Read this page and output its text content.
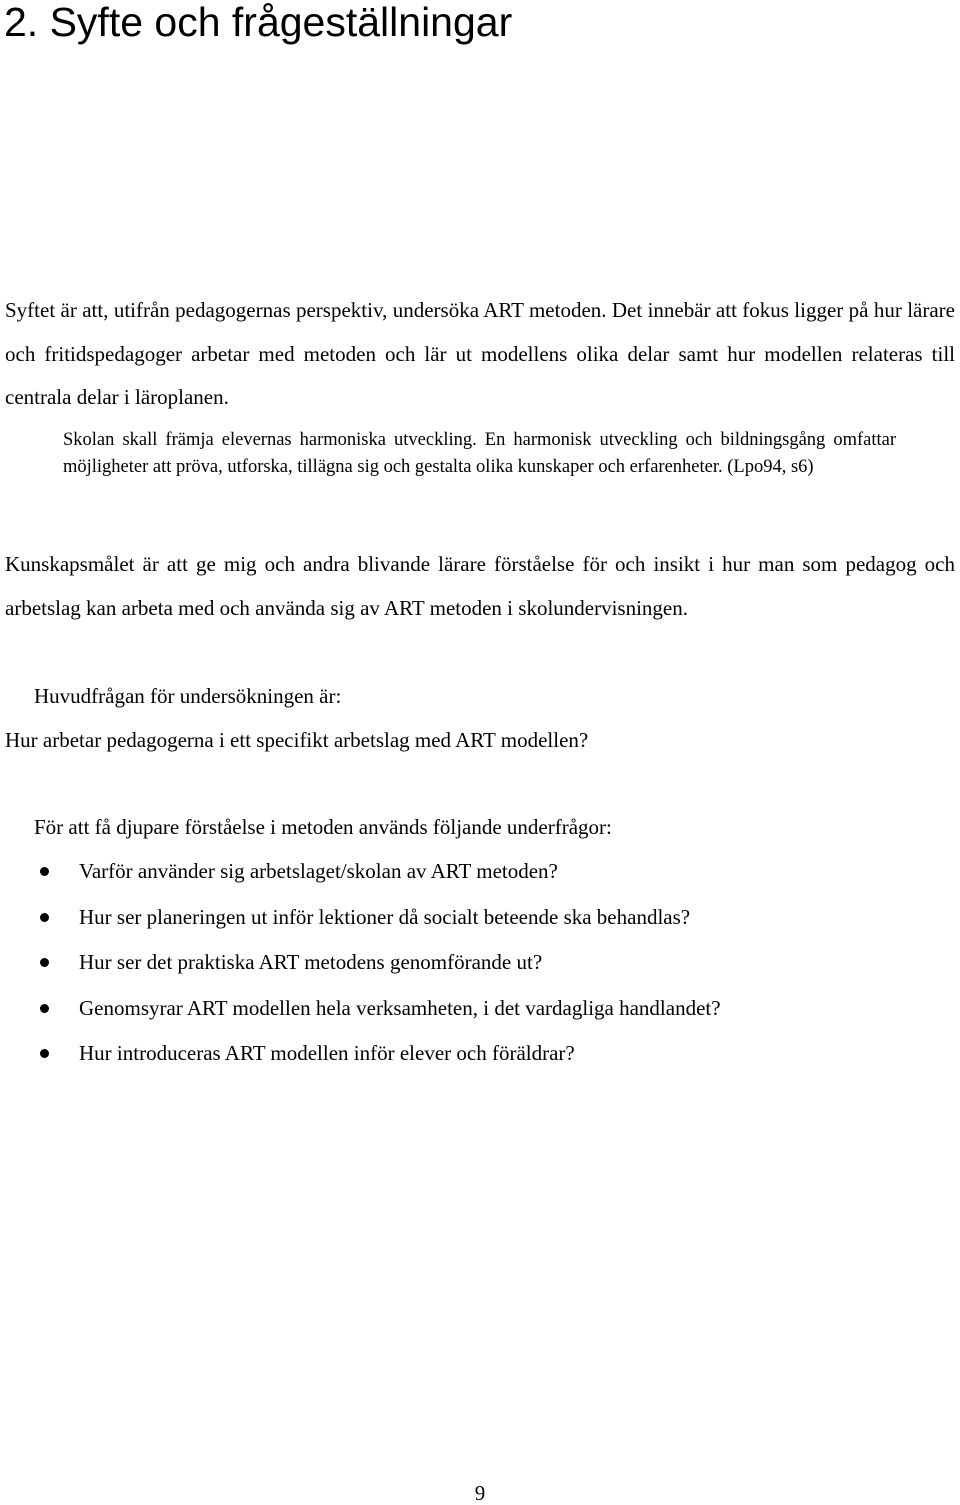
2. Syfte och frågeställningar

Syftet är att, utifrån pedagogernas perspektiv, undersöka ART metoden. Det innebär att fokus ligger på hur lärare och fritidspedagoger arbetar med metoden och lär ut modellens olika delar samt hur modellen relateras till centrala delar i läroplanen.

Skolan skall främja elevernas harmoniska utveckling. En harmonisk utveckling och bildningsgång omfattar möjligheter att pröva, utforska, tillägna sig och gestalta olika kunskaper och erfarenheter. (Lpo94, s6)

Kunskapsmålet är att ge mig och andra blivande lärare förståelse för och insikt i hur man som pedagog och arbetslag kan arbeta med och använda sig av ART metoden i skolundervisningen.

Huvudfrågan för undersökningen är:

Hur arbetar pedagogerna i ett specifikt arbetslag med ART modellen?

För att få djupare förståelse i metoden används följande underfrågor:

Varför använder sig arbetslaget/skolan av ART metoden?
Hur ser planeringen ut inför lektioner då socialt beteende ska behandlas?
Hur ser det praktiska ART metodens genomförande ut?
Genomsyrar ART modellen hela verksamheten, i det vardagliga handlandet?
Hur introduceras ART modellen inför elever och föräldrar?
9
